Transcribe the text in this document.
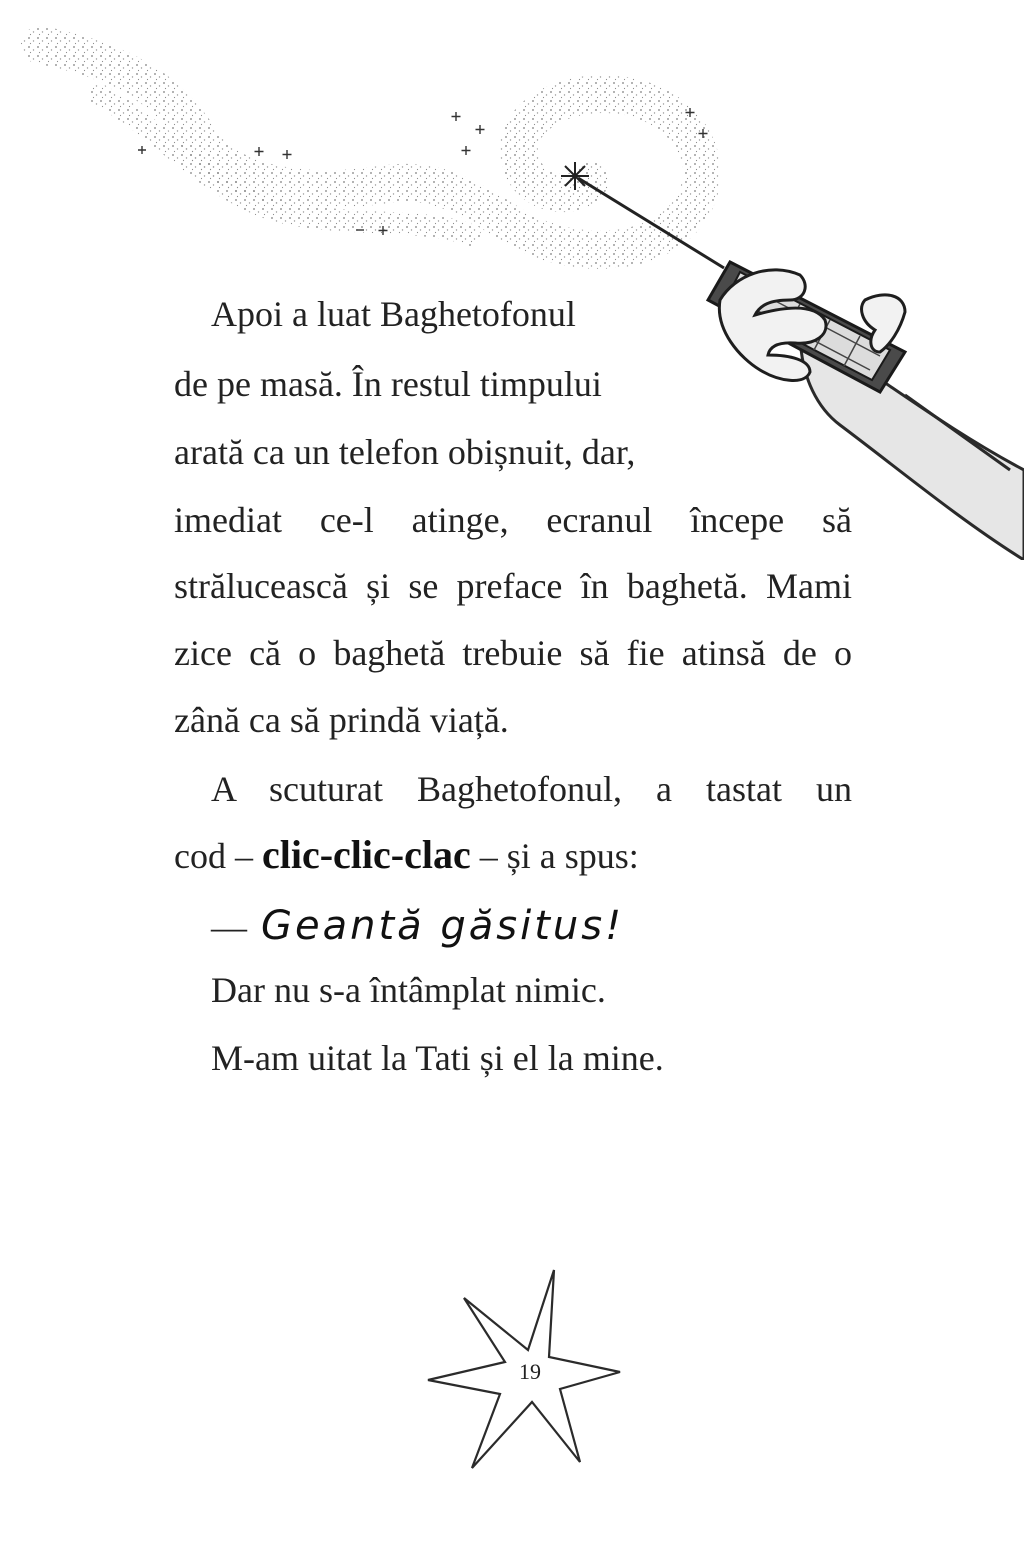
Apoi a luat Baghetofonul
de pe masă. În restul timpului
arată ca un telefon obișnuit, dar,
imediat ce-l atinge, ecranul începe să
strălucească și se preface în baghetă. Mami
zice că o baghetă trebuie să fie atinsă de o
zână ca să prindă viață.
A scuturat Baghetofonul, a tastat un
cod – clic-clic-clac – și a spus:
— Geantă găsitus!
Dar nu s-a întâmplat nimic.
M-am uitat la Tati și el la mine.
19
